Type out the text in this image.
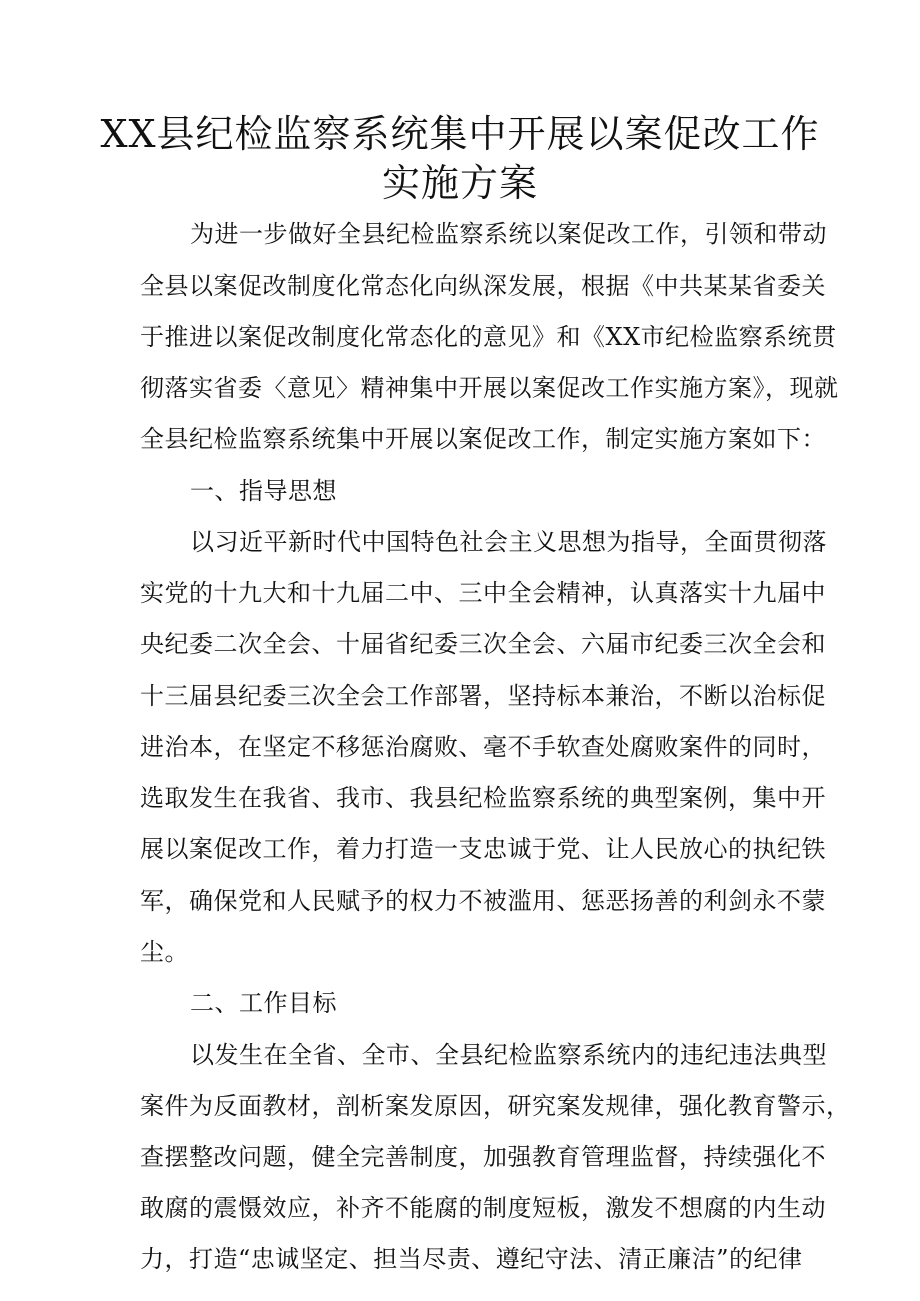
XX县纪检监察系统集中开展以案促改工作
实施方案
为进一步做好全县纪检监察系统以案促改工作，引领和带动
全县以案促改制度化常态化向纵深发展，根据《中共某某省委关
于推进以案促改制度化常态化的意见》和《XX市纪检监察系统贯
彻落实省委〈意见〉精神集中开展以案促改工作实施方案》，现就
全县纪检监察系统集中开展以案促改工作，制定实施方案如下：
一、指导思想
以习近平新时代中国特色社会主义思想为指导，全面贯彻落
实党的十九大和十九届二中、三中全会精神，认真落实十九届中
央纪委二次全会、十届省纪委三次全会、六届市纪委三次全会和
十三届县纪委三次全会工作部署，坚持标本兼治，不断以治标促
进治本，在坚定不移惩治腐败、毫不手软查处腐败案件的同时，
选取发生在我省、我市、我县纪检监察系统的典型案例，集中开
展以案促改工作，着力打造一支忠诚于党、让人民放心的执纪铁
军，确保党和人民赋予的权力不被滥用、惩恶扬善的利剑永不蒙
尘。
二、工作目标
以发生在全省、全市、全县纪检监察系统内的违纪违法典型
案件为反面教材，剖析案发原因，研究案发规律，强化教育警示，
查摆整改问题，健全完善制度，加强教育管理监督，持续强化不
敢腐的震慑效应，补齐不能腐的制度短板，激发不想腐的内生动
力，打造“忠诚坚定、担当尽责、遵纪守法、清正廉洁”的纪律
